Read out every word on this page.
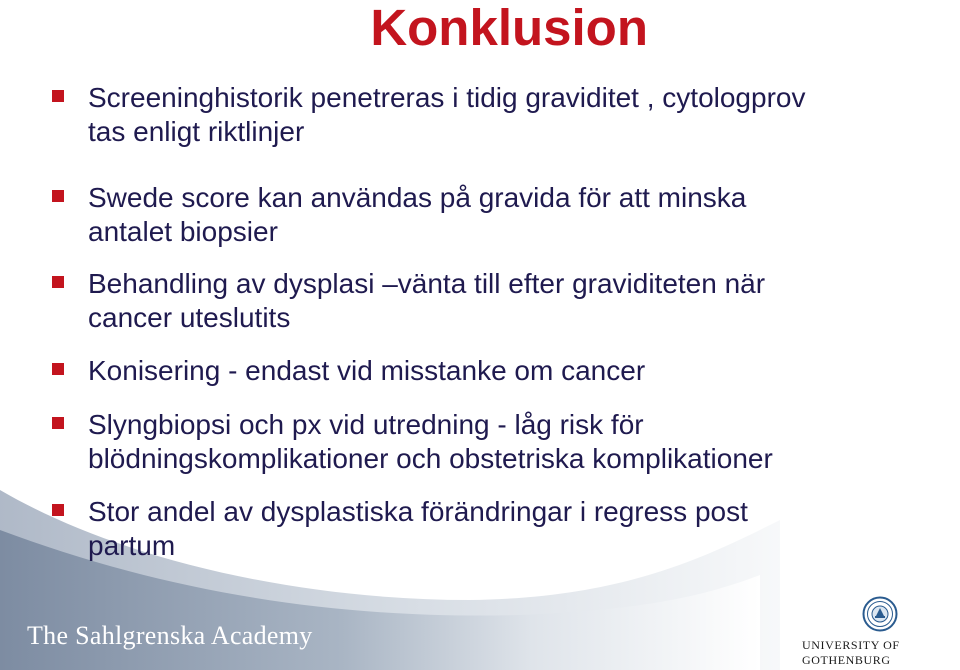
Konklusion
Screeninghistorik penetreras i tidig graviditet , cytologprov
tas enligt riktlinjer
Swede score kan användas på gravida för att minska
antalet biopsier
Behandling av dysplasi –vänta till efter graviditeten när
cancer uteslutits
Konisering - endast vid misstanke om cancer
Slyngbiopsi och px vid utredning - låg risk för
blödningskomplikationer och obstetriska komplikationer
Stor andel av dysplastiska förändringar i regress post
partum
The Sahlgrenska Academy	UNIVERSITY OF GOTHENBURG
